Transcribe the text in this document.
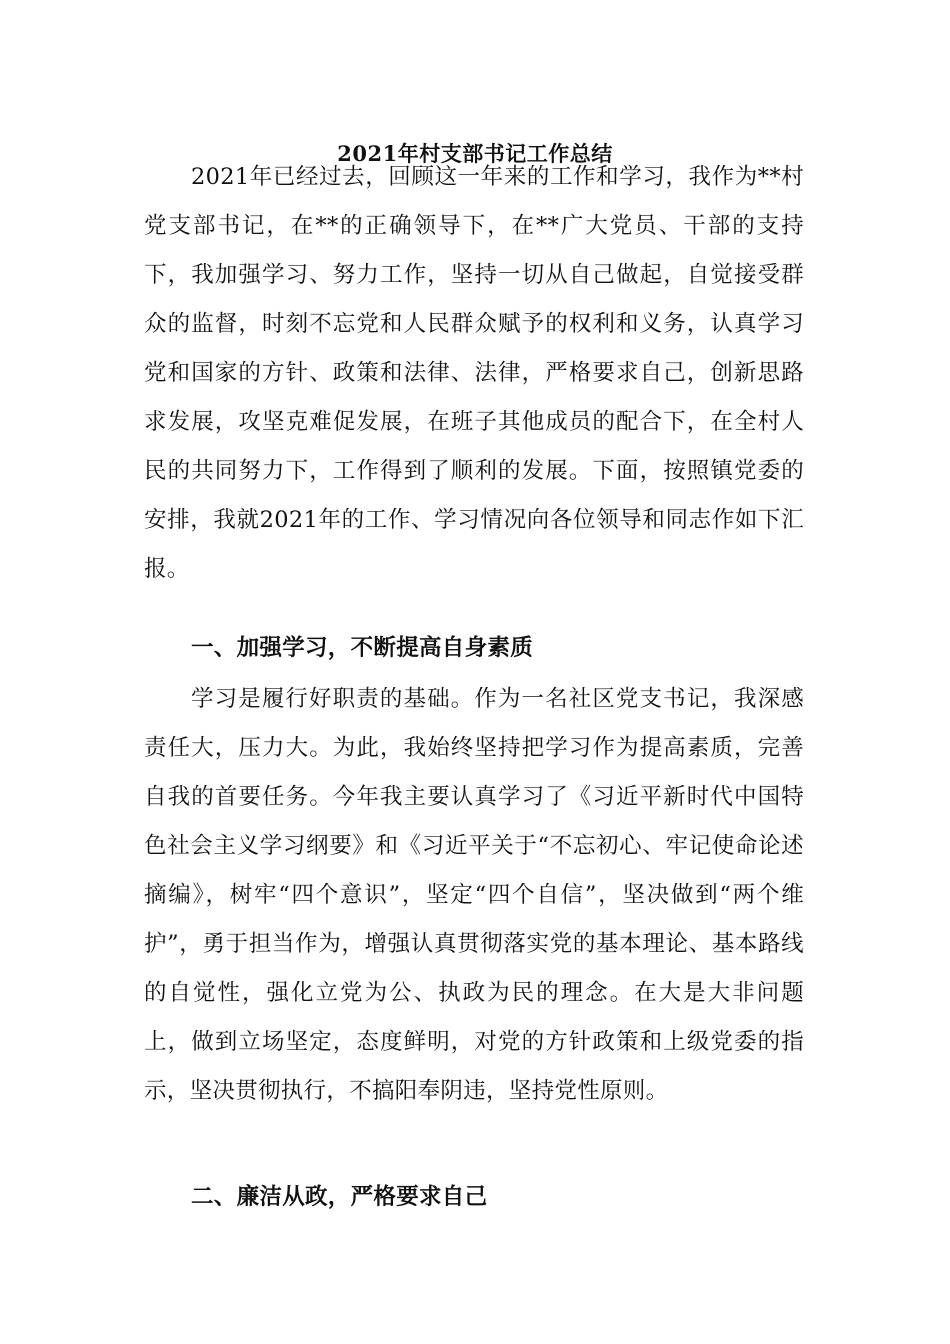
2021年村支部书记工作总结

2021年已经过去，回顾这一年来的工作和学习，我作为**村党支部书记，在**的正确领导下，在**广大党员、干部的支持下，我加强学习、努力工作，坚持一切从自己做起，自觉接受群众的监督，时刻不忘党和人民群众赋予的权利和义务，认真学习党和国家的方针、政策和法律、法律，严格要求自己，创新思路求发展，攻坚克难促发展，在班子其他成员的配合下，在全村人民的共同努力下，工作得到了顺利的发展。下面，按照镇党委的安排，我就2021年的工作、学习情况向各位领导和同志作如下汇报。

一、加强学习，不断提高自身素质

学习是履行好职责的基础。作为一名社区党支书记，我深感责任大，压力大。为此，我始终坚持把学习作为提高素质，完善自我的首要任务。今年我主要认真学习了《习近平新时代中国特色社会主义学习纲要》和《习近平关于“不忘初心、牢记使命论述摘编》，树牢“四个意识”，坚定“四个自信”，坚决做到“两个维护”，勇于担当作为，增强认真贯彻落实党的基本理论、基本路线的自觉性，强化立党为公、执政为民的理念。在大是大非问题上，做到立场坚定，态度鲜明，对党的方针政策和上级党委的指示，坚决贯彻执行，不搞阳奉阴违，坚持党性原则。

二、廉洁从政，严格要求自己
